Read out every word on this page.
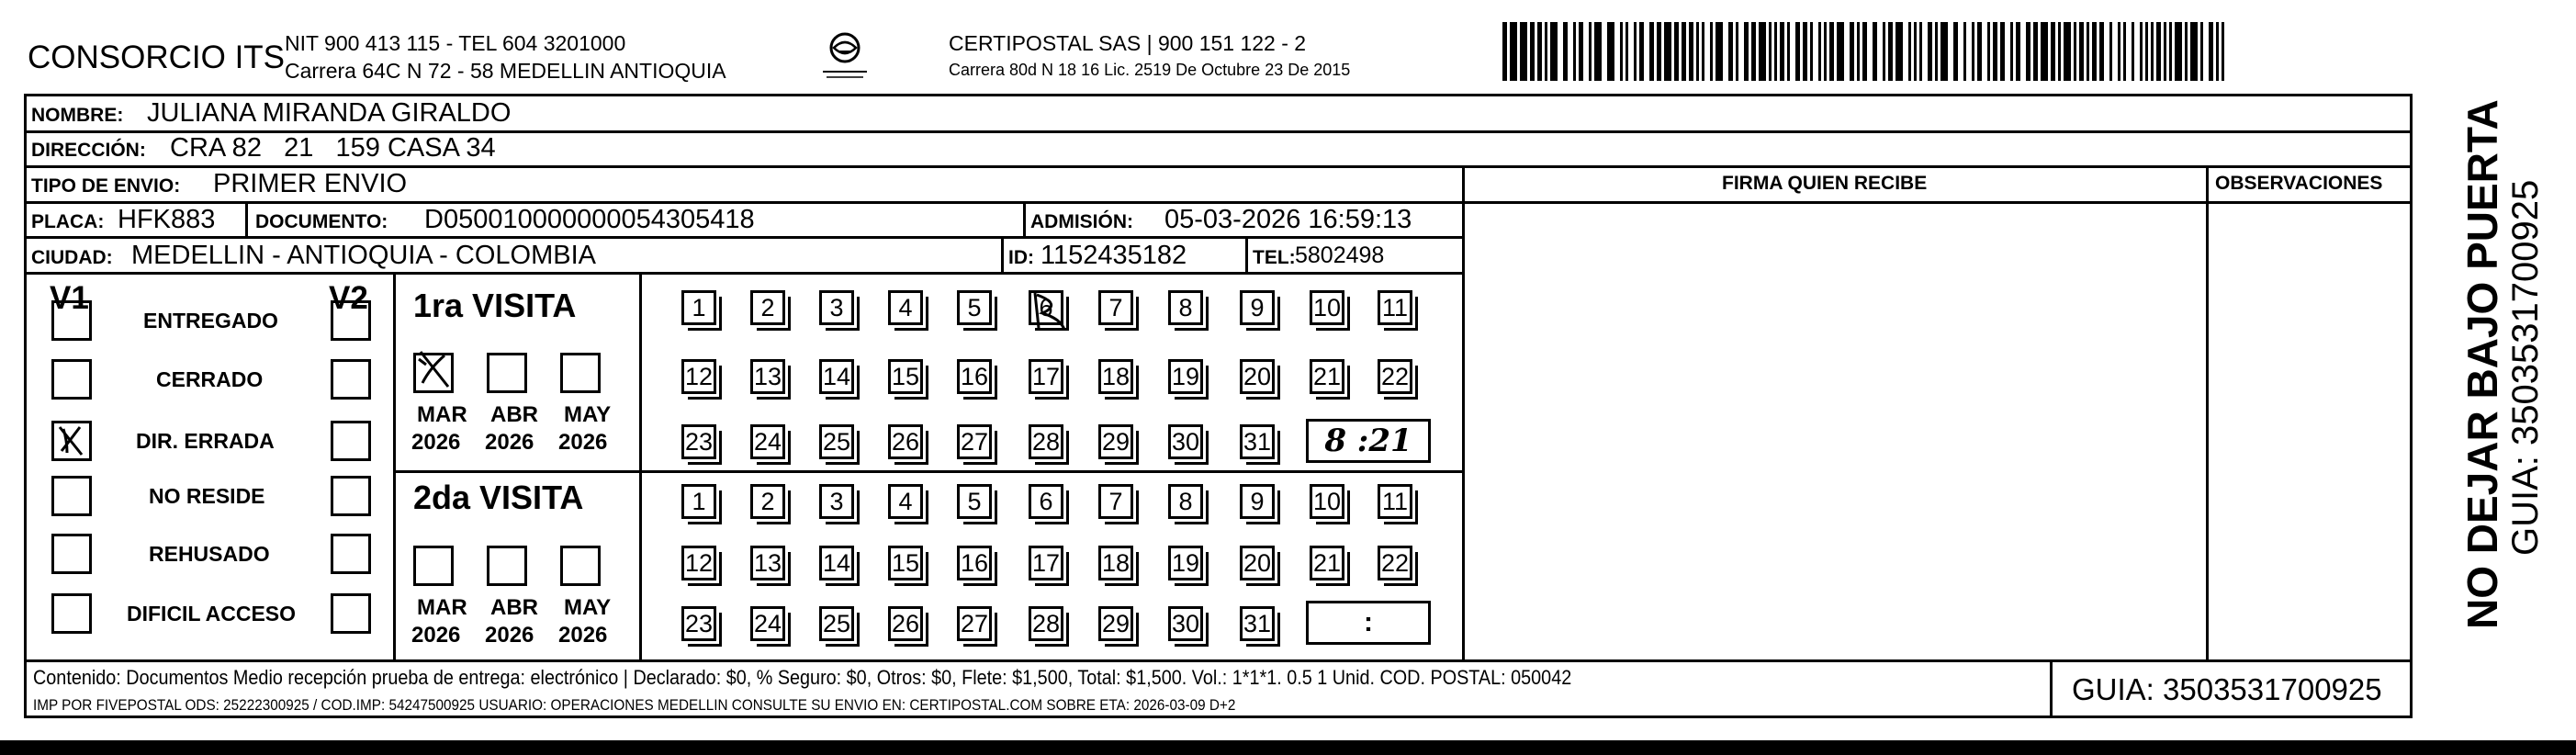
CONSORCIO ITS NIT 900 413 115 - TEL 604 3201000
Carrera 64C N 72 - 58 MEDELLIN ANTIOQUIA
CERTIPOSTAL SAS | 900 151 122 - 2
Carrera 80d N 18 16 Lic. 2519 De Octubre 23 De 2015
NOMBRE: JULIANA MIRANDA GIRALDO
DIRECCIÓN: CRA 82   21   159 CASA 34
TIPO DE ENVIO: PRIMER ENVIO
PLACA: HFK883 DOCUMENTO: D050010000000054305418	ADMISIÓN: 05-03-2026 16:59:13
CIUDAD: MEDELLIN - ANTIOQUIA - COLOMBIA	ID: 1152435182	TEL: 5802498
FIRMA QUIEN RECIBE	OBSERVACIONES
V1	V2
ENTREGADO
CERRADO
DIR. ERRADA
NO RESIDE
REHUSADO
DIFICIL ACCESO
1ra VISITA
2da VISITA
MAR
2026
ABR
2026
MAY
2026
1 2 3 4 5 6 7 8 9 10 11
12 13 14 15 16 17 18 19 20 21 22
23 24 25 26 27 28 29 30 31 8 :21
MAR
2026
ABR
2026
MAY
2026
1 2 3 4 5 6 7 8 9 10 11
12 13 14 15 16 17 18 19 20 21 22
23 24 25 26 27 28 29 30 31	:
Contenido: Documentos Medio recepción prueba de entrega: electrónico | Declarado: $0, % Seguro: $0, Otros: $0, Flete: $1,500, Total: $1,500. Vol.: 1*1*1. 0.5 1 Unid. COD. POSTAL: 050042
IMP POR FIVEPOSTAL ODS: 25222300925 / COD.IMP: 54247500925 USUARIO: OPERACIONES MEDELLIN CONSULTE SU ENVIO EN: CERTIPOSTAL.COM SOBRE ETA: 2026-03-09 D+2	GUIA: 3503531700925
NO DEJAR BAJO PUERTA GUIA: 3503531700925
